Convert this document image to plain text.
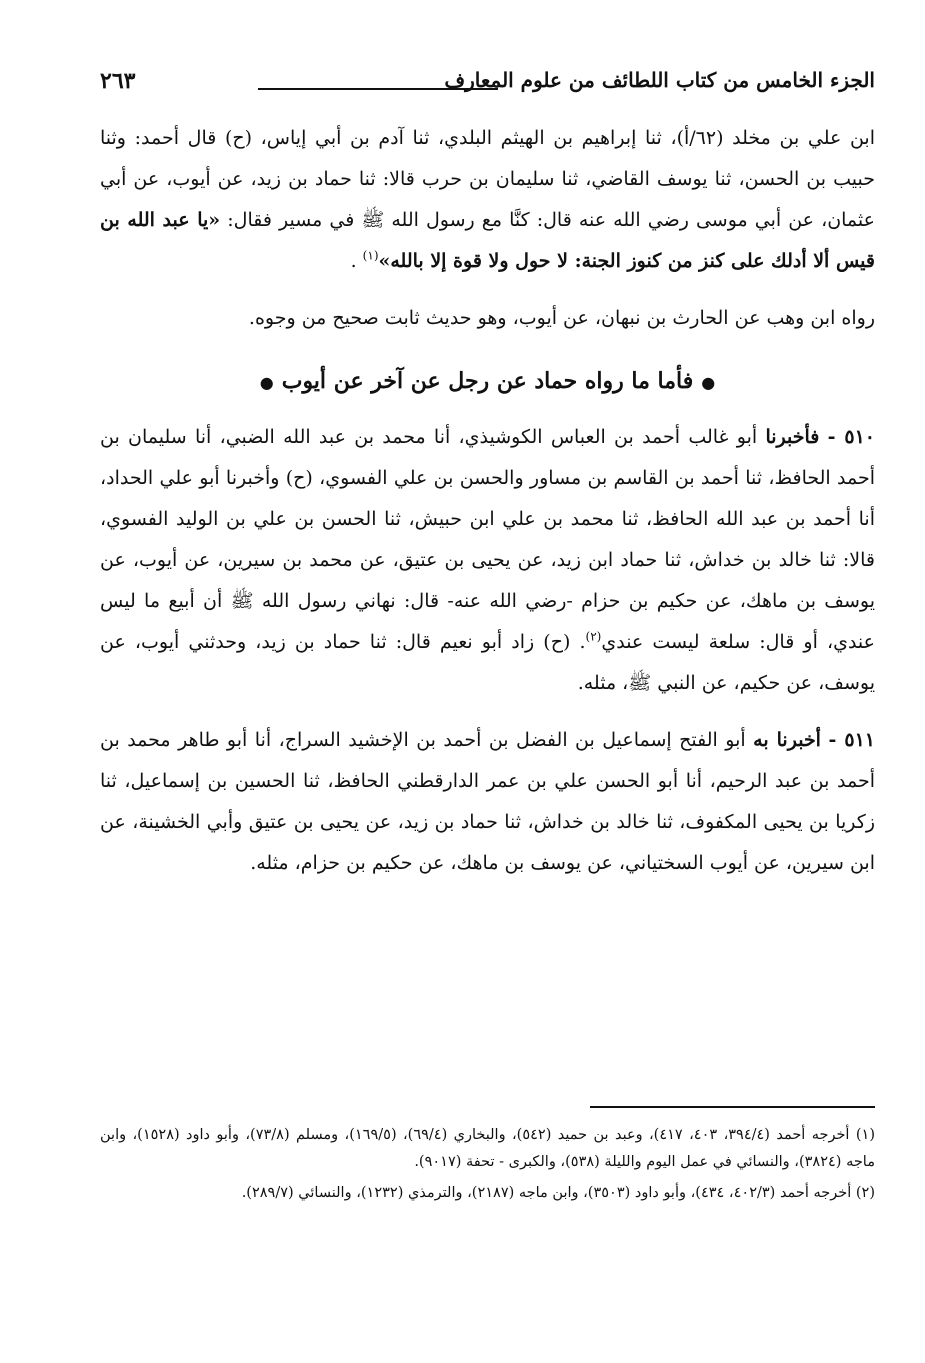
الجزء الخامس من كتاب اللطائف من علوم المعارف
٢٦٣

ابن علي بن مخلد (٦٢/أ)، ثنا إبراهيم بن الهيثم البلدي، ثنا آدم بن أبي إياس، (ح) قال أحمد: وثنا حبيب بن الحسن، ثنا يوسف القاضي، ثنا سليمان بن حرب قالا: ثنا حماد بن زيد، عن أيوب، عن أبي عثمان، عن أبي موسى رضي الله عنه قال: كنَّا مع رسول الله ﷺ في مسير فقال: «يا عبد الله بن قيس ألا أدلك على كنز من كنوز الجنة: لا حول ولا قوة إلا بالله»$^{(١)}$ .

رواه ابن وهب عن الحارث بن نبهان، عن أيوب، وهو حديث ثابت صحيح من وجوه.

●فأما ما رواه حماد عن رجل عن آخر عن أيوب●

٥١٠ - فأخبرنا أبو غالب أحمد بن العباس الكوشيذي، أنا محمد بن عبد الله الضبي، أنا سليمان بن أحمد الحافظ، ثنا أحمد بن القاسم بن مساور والحسن بن علي الفسوي، (ح) وأخبرنا أبو علي الحداد، أنا أحمد بن عبد الله الحافظ، ثنا محمد بن علي ابن حبيش، ثنا الحسن بن علي بن الوليد الفسوي، قالا: ثنا خالد بن خداش، ثنا حماد ابن زيد، عن يحيى بن عتيق، عن محمد بن سيرين، عن أيوب، عن يوسف بن ماهك، عن حكيم بن حزام -رضي الله عنه- قال: نهاني رسول الله ﷺ أن أبيع ما ليس عندي، أو قال: سلعة ليست عندي$^{(٢)}$. (ح) زاد أبو نعيم قال: ثنا حماد بن زيد، وحدثني أيوب، عن يوسف، عن حكيم، عن النبي ﷺ، مثله.

٥١١ - أخبرنا به أبو الفتح إسماعيل بن الفضل بن أحمد بن الإخشيد السراج، أنا أبو طاهر محمد بن أحمد بن عبد الرحيم، أنا أبو الحسن علي بن عمر الدارقطني الحافظ، ثنا الحسين بن إسماعيل، ثنا زكريا بن يحيى المكفوف، ثنا خالد بن خداش، ثنا حماد بن زيد، عن يحيى بن عتيق وأبي الخشينة، عن ابن سيرين، عن أيوب السختياني، عن يوسف بن ماهك، عن حكيم بن حزام، مثله.

(١) أخرجه أحمد (٣٩٤/٤، ٤٠٣، ٤١٧)، وعبد بن حميد (٥٤٢)، والبخاري (٦٩/٤)، (١٦٩/٥)، ومسلم (٧٣/٨)، وأبو داود (١٥٢٨)، وابن ماجه (٣٨٢٤)، والنسائي في عمل اليوم والليلة (٥٣٨)، والكبرى - تحفة (٩٠١٧).

(٢) أخرجه أحمد (٤٠٢/٣، ٤٣٤)، وأبو داود (٣٥٠٣)، وابن ماجه (٢١٨٧)، والترمذي (١٢٣٢)، والنسائي (٢٨٩/٧).
